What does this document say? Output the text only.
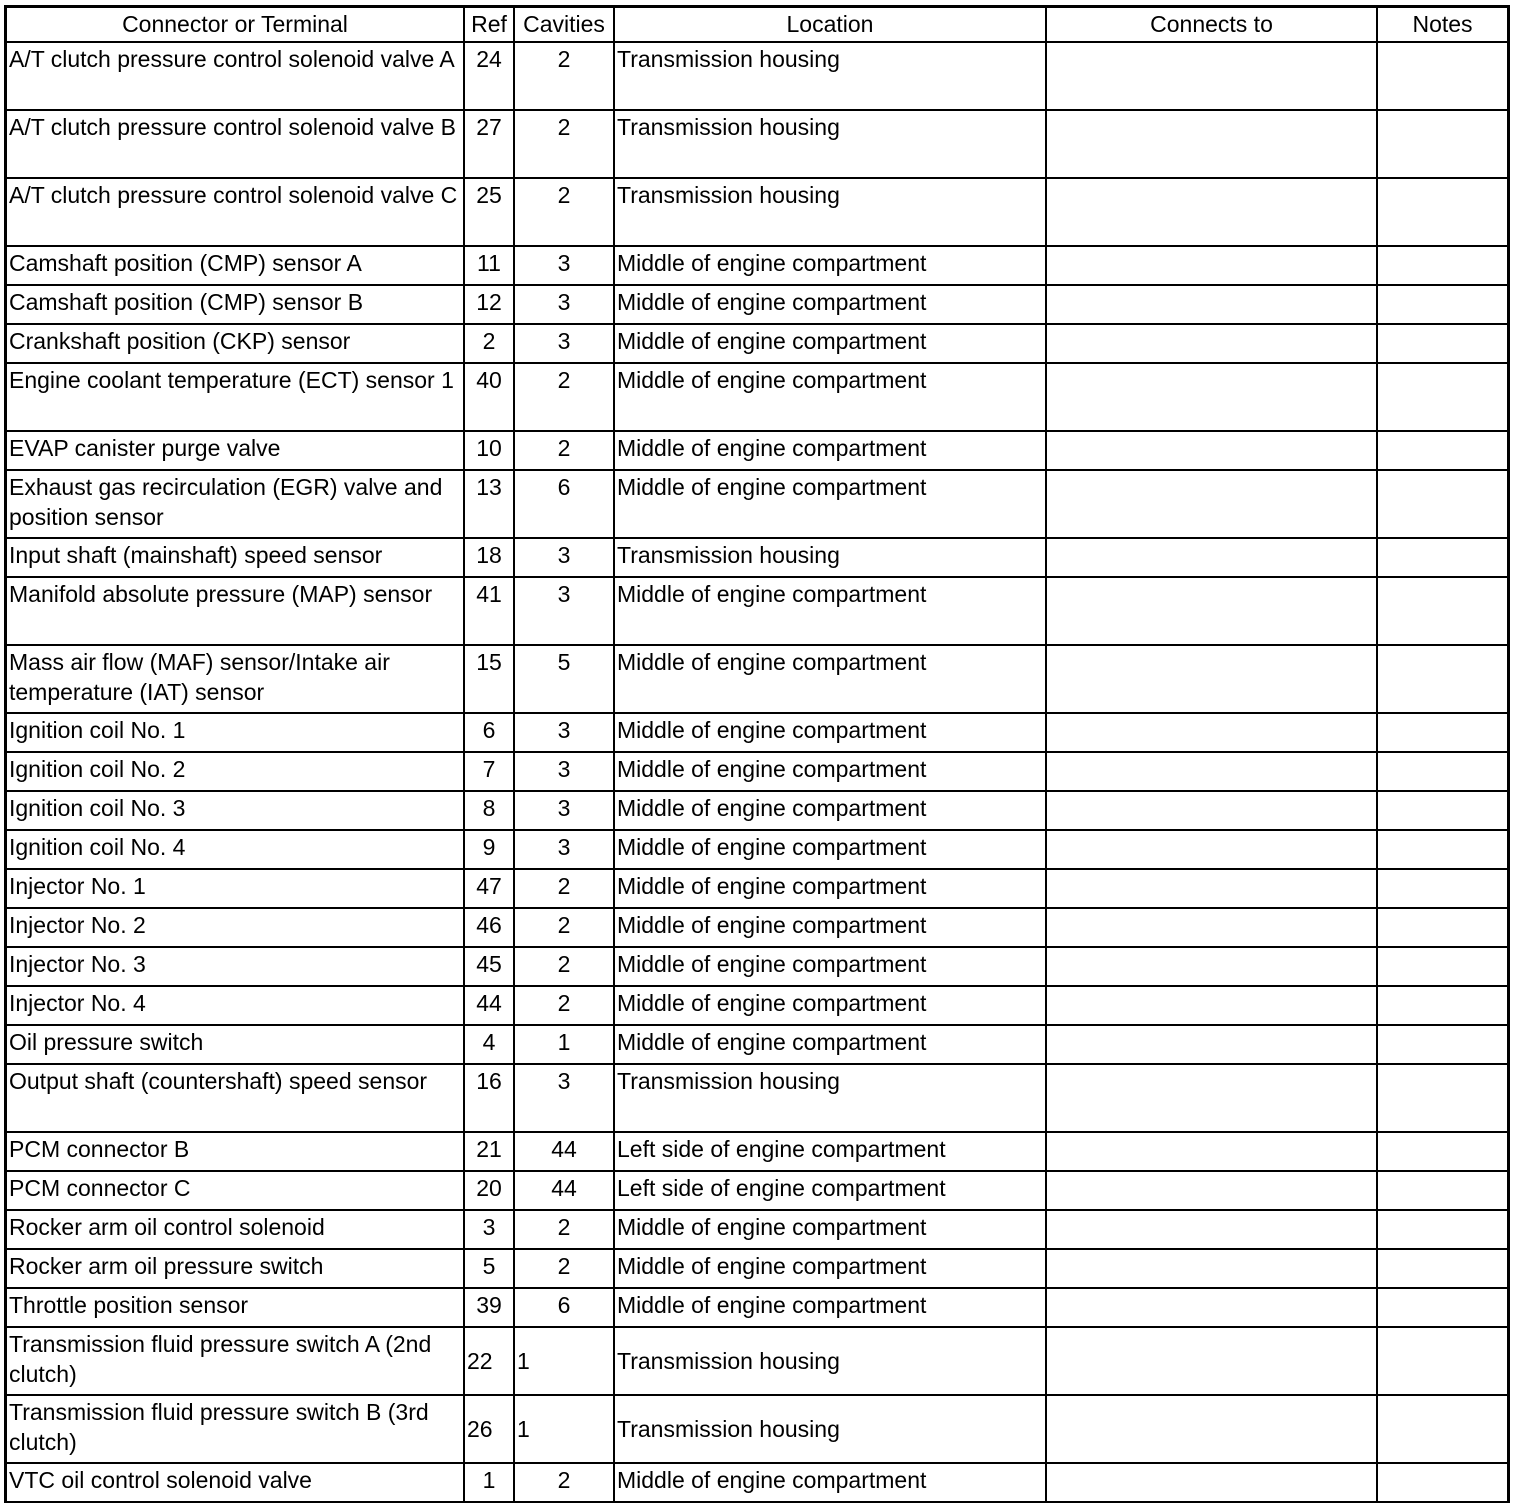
Connector or Terminal	Ref	Cavities	Location	Connects to	Notes
A/T clutch pressure control solenoid valve A	24	2	Transmission housing		
A/T clutch pressure control solenoid valve B	27	2	Transmission housing		
A/T clutch pressure control solenoid valve C	25	2	Transmission housing		
Camshaft position (CMP) sensor A	11	3	Middle of engine compartment		
Camshaft position (CMP) sensor B	12	3	Middle of engine compartment		
Crankshaft position (CKP) sensor	2	3	Middle of engine compartment		
Engine coolant temperature (ECT) sensor 1	40	2	Middle of engine compartment		
EVAP canister purge valve	10	2	Middle of engine compartment		
Exhaust gas recirculation (EGR) valve and position sensor	13	6	Middle of engine compartment		
Input shaft (mainshaft) speed sensor	18	3	Transmission housing		
Manifold absolute pressure (MAP) sensor	41	3	Middle of engine compartment		
Mass air flow (MAF) sensor/Intake air temperature (IAT) sensor	15	5	Middle of engine compartment		
Ignition coil No. 1	6	3	Middle of engine compartment		
Ignition coil No. 2	7	3	Middle of engine compartment		
Ignition coil No. 3	8	3	Middle of engine compartment		
Ignition coil No. 4	9	3	Middle of engine compartment		
Injector No. 1	47	2	Middle of engine compartment		
Injector No. 2	46	2	Middle of engine compartment		
Injector No. 3	45	2	Middle of engine compartment		
Injector No. 4	44	2	Middle of engine compartment		
Oil pressure switch	4	1	Middle of engine compartment		
Output shaft (countershaft) speed sensor	16	3	Transmission housing		
PCM connector B	21	44	Left side of engine compartment		
PCM connector C	20	44	Left side of engine compartment		
Rocker arm oil control solenoid	3	2	Middle of engine compartment		
Rocker arm oil pressure switch	5	2	Middle of engine compartment		
Throttle position sensor	39	6	Middle of engine compartment		
Transmission fluid pressure switch A (2nd clutch)	22	1	Transmission housing		
Transmission fluid pressure switch B (3rd clutch)	26	1	Transmission housing		
VTC oil control solenoid valve	1	2	Middle of engine compartment		
